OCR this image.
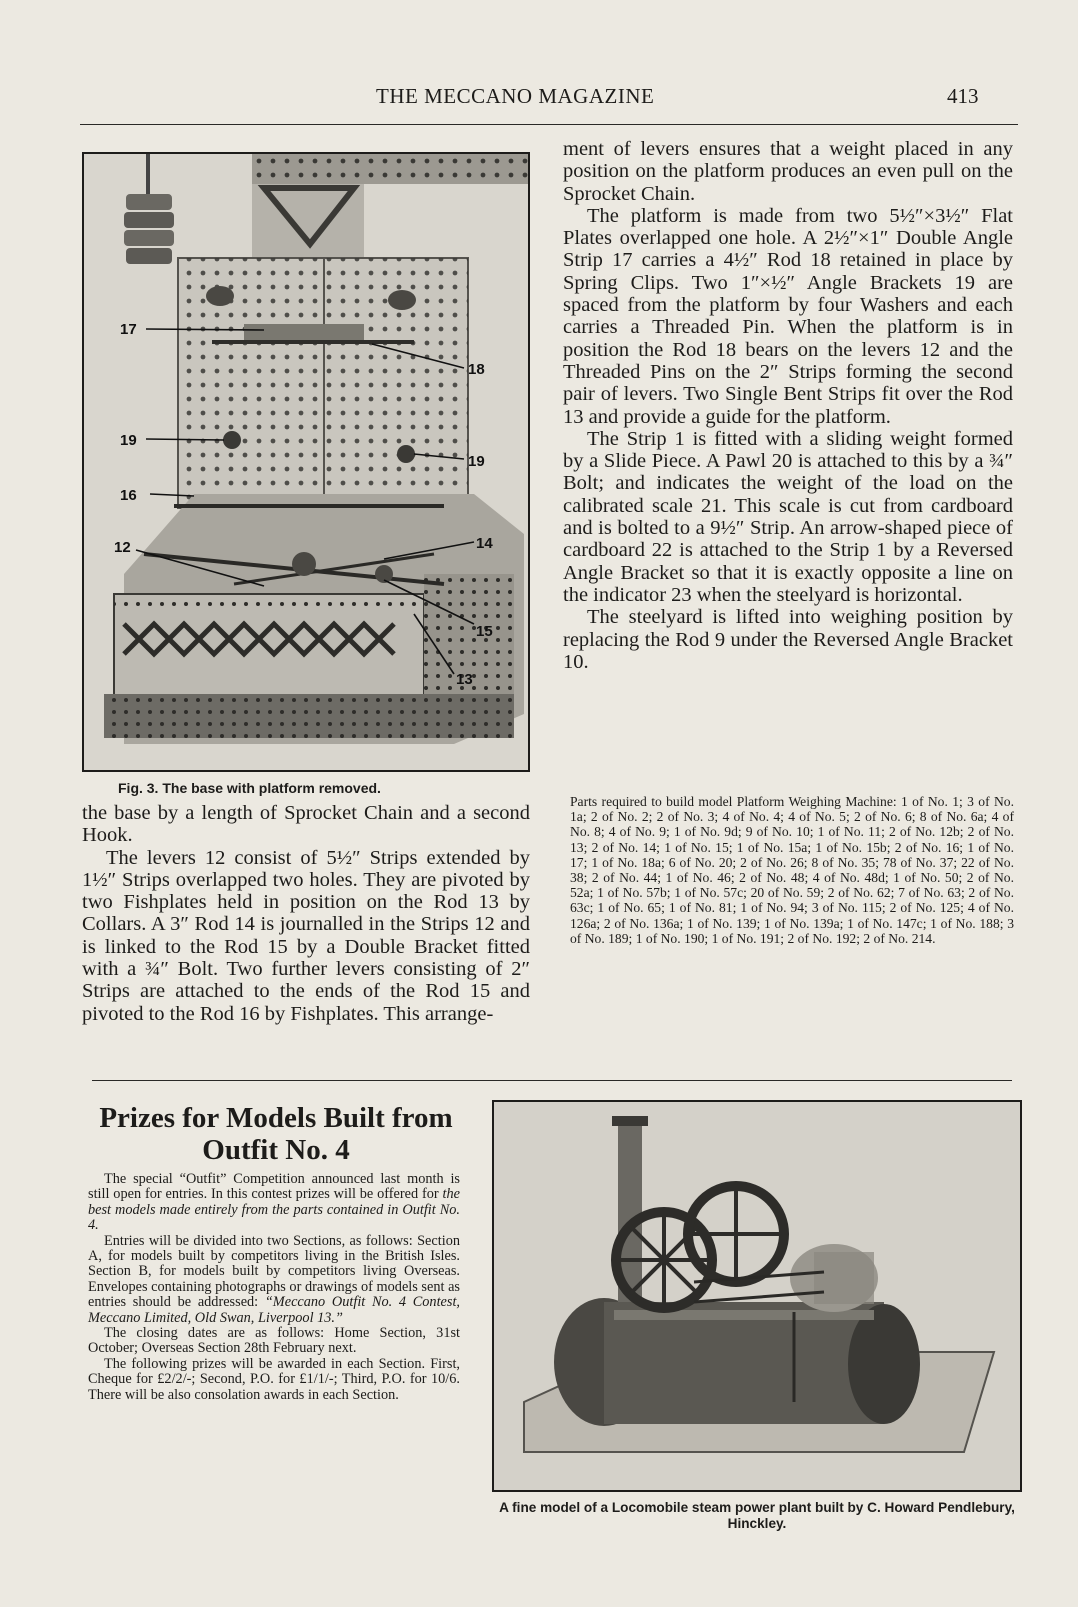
THE MECCANO MAGAZINE	413
17
18
19
19
16
12	14
15
13
Fig. 3. The base with platform removed.

the base by a length of Sprocket Chain and a second Hook.

The levers 12 consist of 5½″ Strips extended by 1½″ Strips overlapped two holes. They are pivoted by two Fishplates held in position on the Rod 13 by Collars. A 3″ Rod 14 is journalled in the Strips 12 and is linked to the Rod 15 by a Double Bracket fitted with a ¾″ Bolt. Two further levers consisting of 2″ Strips are attached to the ends of the Rod 15 and pivoted to the Rod 16 by Fishplates. This arrange-

ment of levers ensures that a weight placed in any position on the platform produces an even pull on the Sprocket Chain.

The platform is made from two 5½″×3½″ Flat Plates overlapped one hole. A 2½″×1″ Double Angle Strip 17 carries a 4½″ Rod 18 retained in place by Spring Clips. Two 1″×½″ Angle Brackets 19 are spaced from the platform by four Washers and each carries a Threaded Pin. When the platform is in position the Rod 18 bears on the levers 12 and the Threaded Pins on the 2″ Strips forming the second pair of levers. Two Single Bent Strips fit over the Rod 13 and provide a guide for the platform.

The Strip 1 is fitted with a sliding weight formed by a Slide Piece. A Pawl 20 is attached to this by a ¾″ Bolt; and indicates the weight of the load on the calibrated scale 21. This scale is cut from cardboard and is bolted to a 9½″ Strip. An arrow-shaped piece of cardboard 22 is attached to the Strip 1 by a Reversed Angle Bracket so that it is exactly opposite a line on the indicator 23 when the steelyard is horizontal.

The steelyard is lifted into weighing position by replacing the Rod 9 under the Reversed Angle Bracket 10.

Parts required to build model Platform Weighing Machine: 1 of No. 1; 3 of No. 1a; 2 of No. 2; 2 of No. 3; 4 of No. 4; 4 of No. 5; 2 of No. 6; 8 of No. 6a; 4 of No. 8; 4 of No. 9; 1 of No. 9d; 9 of No. 10; 1 of No. 11; 2 of No. 12b; 2 of No. 13; 2 of No. 14; 1 of No. 15; 1 of No. 15a; 1 of No. 15b; 2 of No. 16; 1 of No. 17; 1 of No. 18a; 6 of No. 20; 2 of No. 26; 8 of No. 35; 78 of No. 37; 22 of No. 38; 2 of No. 44; 1 of No. 46; 2 of No. 48; 4 of No. 48d; 1 of No. 50; 2 of No. 52a; 1 of No. 57b; 1 of No. 57c; 20 of No. 59; 2 of No. 62; 7 of No. 63; 2 of No. 63c; 1 of No. 65; 1 of No. 81; 1 of No. 94; 3 of No. 115; 2 of No. 125; 4 of No. 126a; 2 of No. 136a; 1 of No. 139; 1 of No. 139a; 1 of No. 147c; 1 of No. 188; 3 of No. 189; 1 of No. 190; 1 of No. 191; 2 of No. 192; 2 of No. 214.
Prizes for Models Built from Outfit No. 4

The special “Outfit” Competition announced last month is still open for entries. In this contest prizes will be offered for the best models made entirely from the parts contained in Outfit No. 4.

Entries will be divided into two Sections, as follows: Section A, for models built by competitors living in the British Isles. Section B, for models built by competitors living Overseas. Envelopes containing photographs or drawings of models sent as entries should be addressed: “Meccano Outfit No. 4 Contest, Meccano Limited, Old Swan, Liverpool 13.”

The closing dates are as follows: Home Section, 31st October; Overseas Section 28th February next.

The following prizes will be awarded in each Section. First, Cheque for £2/2/-; Second, P.O. for £1/1/-; Third, P.O. for 10/6. There will be also consolation awards in each Section.

A fine model of a Locomobile steam power plant built by C. Howard Pendlebury, Hinckley.
